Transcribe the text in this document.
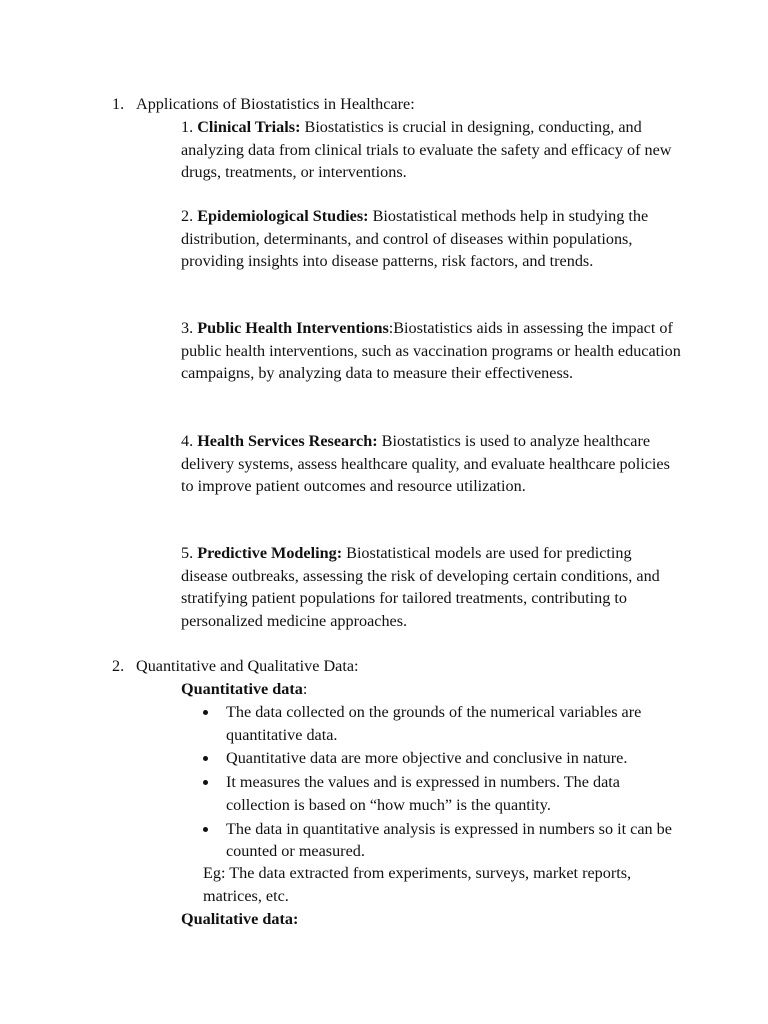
1. Applications of Biostatistics in Healthcare:

1. Clinical Trials: Biostatistics is crucial in designing, conducting, and analyzing data from clinical trials to evaluate the safety and efficacy of new drugs, treatments, or interventions.

2. Epidemiological Studies: Biostatistical methods help in studying the distribution, determinants, and control of diseases within populations, providing insights into disease patterns, risk factors, and trends.

3. Public Health Interventions:Biostatistics aids in assessing the impact of public health interventions, such as vaccination programs or health education campaigns, by analyzing data to measure their effectiveness.

4. Health Services Research: Biostatistics is used to analyze healthcare delivery systems, assess healthcare quality, and evaluate healthcare policies to improve patient outcomes and resource utilization.

5. Predictive Modeling: Biostatistical models are used for predicting disease outbreaks, assessing the risk of developing certain conditions, and stratifying patient populations for tailored treatments, contributing to personalized medicine approaches.

2. Quantitative and Qualitative Data:
Quantitative data:
The data collected on the grounds of the numerical variables are quantitative data.
Quantitative data are more objective and conclusive in nature.
It measures the values and is expressed in numbers. The data collection is based on “how much” is the quantity.
The data in quantitative analysis is expressed in numbers so it can be counted or measured.

Eg: The data extracted from experiments, surveys, market reports, matrices, etc.

Qualitative data:
